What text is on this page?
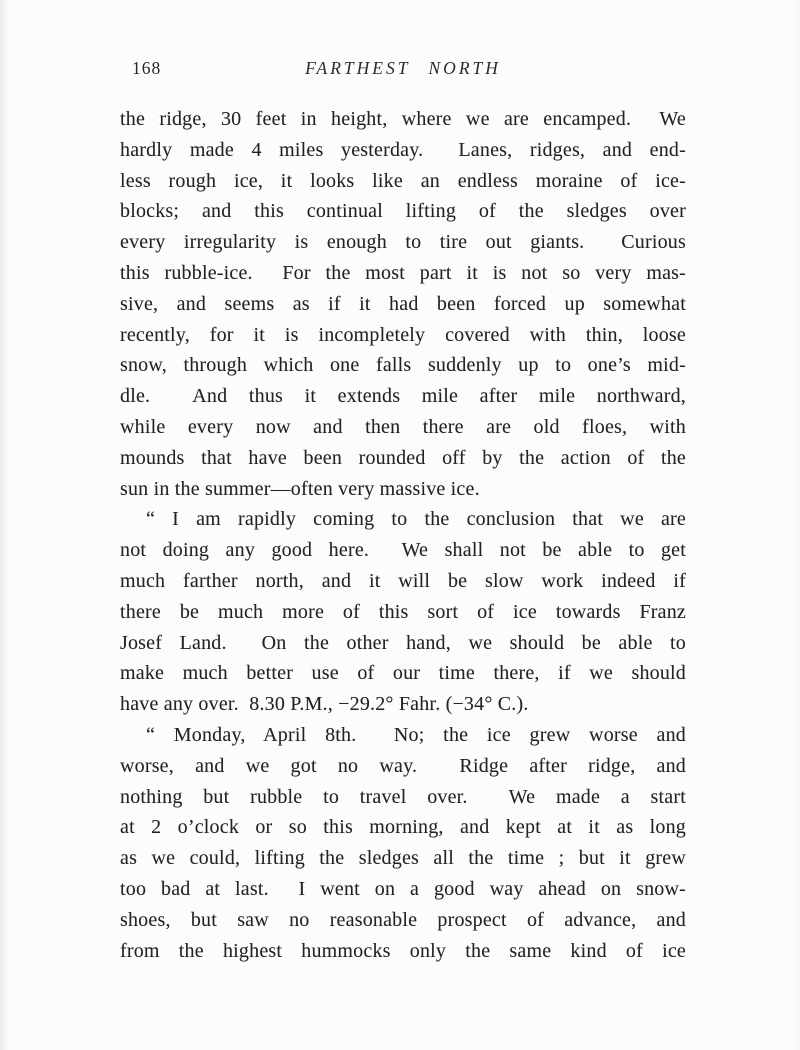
168	FARTHEST NORTH
the ridge, 30 feet in height, where we are encamped.  We
hardly made 4 miles yesterday.  Lanes, ridges, and end-
less rough ice, it looks like an endless moraine of ice-
blocks; and this continual lifting of the sledges over
every irregularity is enough to tire out giants.  Curious
this rubble-ice.  For the most part it is not so very mas-
sive, and seems as if it had been forced up somewhat
recently, for it is incompletely covered with thin, loose
snow, through which one falls suddenly up to one’s mid-
dle.  And thus it extends mile after mile northward,
while every now and then there are old floes, with
mounds that have been rounded off by the action of the
sun in the summer—often very massive ice.
“ I am rapidly coming to the conclusion that we are
not doing any good here.  We shall not be able to get
much farther north, and it will be slow work indeed if
there be much more of this sort of ice towards Franz
Josef Land.  On the other hand, we should be able to
make much better use of our time there, if we should
have any over.  8.30 P.M., −29.2° Fahr. (−34° C.).
“ Monday, April 8th.  No; the ice grew worse and
worse, and we got no way.  Ridge after ridge, and
nothing but rubble to travel over.  We made a start
at 2 o’clock or so this morning, and kept at it as long
as we could, lifting the sledges all the time ; but it grew
too bad at last.  I went on a good way ahead on snow-
shoes, but saw no reasonable prospect of advance, and
from the highest hummocks only the same kind of ice
